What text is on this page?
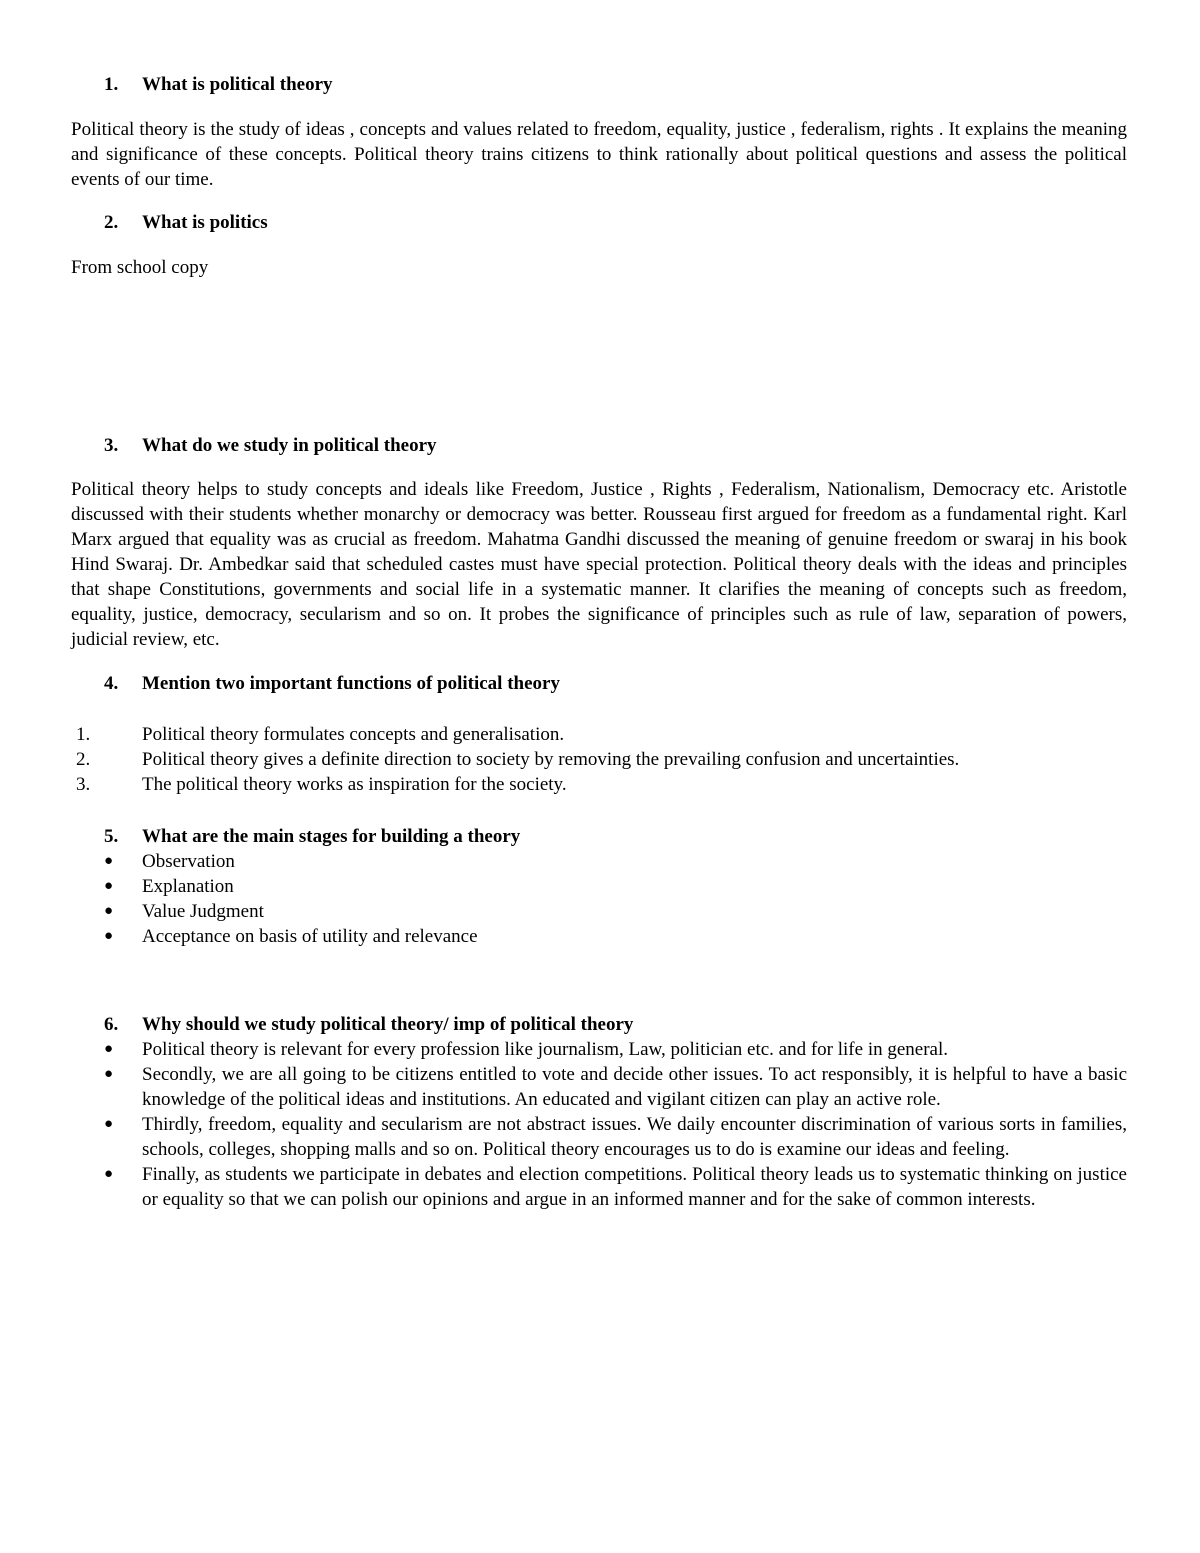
1. What is political theory

Political theory is the study of ideas , concepts and values related to freedom, equality, justice , federalism, rights . It explains the meaning and significance of these concepts. Political theory trains citizens to think rationally about political questions and assess the political events of our time.

2. What is politics

From school copy

3. What do we study in political theory

Political theory helps to study concepts and ideals like Freedom, Justice , Rights , Federalism, Nationalism, Democracy etc. Aristotle discussed with their students whether monarchy or democracy was better. Rousseau first argued for freedom as a fundamental right. Karl Marx argued that equality was as crucial as freedom. Mahatma Gandhi discussed the meaning of genuine freedom or swaraj in his book Hind Swaraj. Dr. Ambedkar said that scheduled castes must have special protection. Political theory deals with the ideas and principles that shape Constitutions, governments and social life in a systematic manner. It clarifies the meaning of concepts such as freedom, equality, justice, democracy, secularism and so on. It probes the significance of principles such as rule of law, separation of powers, judicial review, etc.

4. Mention two important functions of political theory
1.	Political theory formulates concepts and generalisation.
2.	Political theory gives a definite direction to society by removing the prevailing confusion and uncertainties.
3.	The political theory works as inspiration for the society.
5. What are the main stages for building a theory
● Observation
● Explanation
● Value Judgment
● Acceptance on basis of utility and relevance
6. Why should we study political theory/ imp of political theory
● Political theory is relevant for every profession like journalism, Law, politician etc. and for life in general.
● Secondly, we are all going to be citizens entitled to vote and decide other issues. To act responsibly, it is helpful to have a basic knowledge of the political ideas and institutions. An educated and vigilant citizen can play an active role.
● Thirdly, freedom, equality and secularism are not abstract issues. We daily encounter discrimination of various sorts in families, schools, colleges, shopping malls and so on. Political theory encourages us to do is examine our ideas and feeling.
● Finally, as students we participate in debates and election competitions. Political theory leads us to systematic thinking on justice or equality so that we can polish our opinions and argue in an informed manner and for the sake of common interests.
